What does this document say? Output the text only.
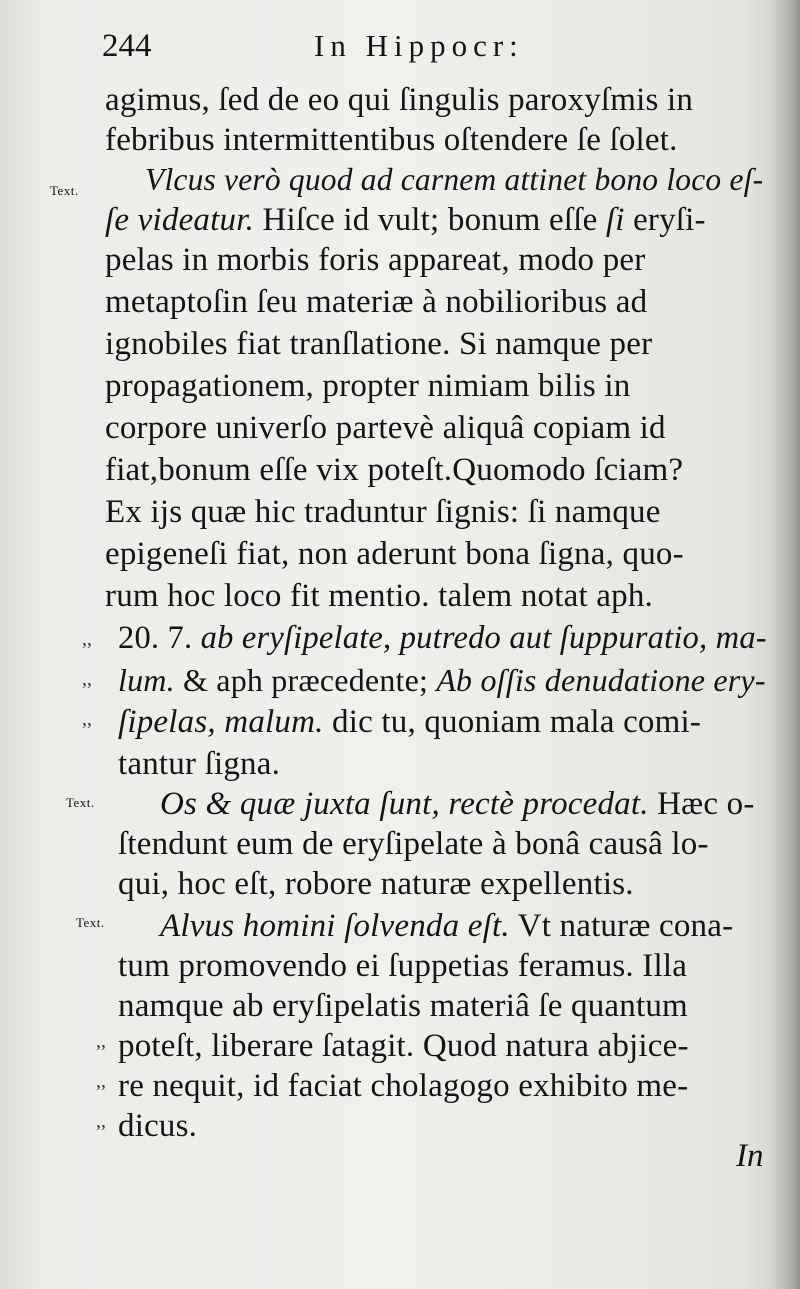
244	In Hippocr:
Text.
Text.
Text.
,,
,,
,,
,,
,,
,,
agimus, ſed de eo qui ſingulis paroxyſmis in
febribus intermittentibus oſtendere ſe ſolet.
Vlcus verò quod ad carnem attinet bono loco eſ-
ſe videatur. Hiſce id vult; bonum eſſe ſi eryſi-
pelas in morbis foris appareat, modo per
metaptoſin ſeu materiæ à nobilioribus ad
ignobiles fiat tranſlatione. Si namque per
propagationem, propter nimiam bilis in
corpore univerſo partevè aliquâ copiam id
fiat,bonum eſſe vix poteſt.Quomodo ſciam?
Ex ijs quæ hic traduntur ſignis: ſi namque
epigeneſi fiat, non aderunt bona ſigna, quo-
rum hoc loco fit mentio. talem notat aph.
20. 7. ab eryſipelate, putredo aut ſuppuratio, ma-
lum. & aph præcedente; Ab oſſis denudatione ery-
ſipelas, malum. dic tu, quoniam mala comi-
tantur ſigna.
Os & quæ juxta ſunt, rectè procedat. Hæc o-
ſtendunt eum de eryſipelate à bonâ causâ lo-
qui, hoc eſt, robore naturæ expellentis.
Alvus homini ſolvenda eſt. Vt naturæ cona-
tum promovendo ei ſuppetias feramus. Illa
namque ab eryſipelatis materiâ ſe quantum
poteſt, liberare ſatagit. Quod natura abjice-
re nequit, id faciat cholagogo exhibito me-
dicus.
In
